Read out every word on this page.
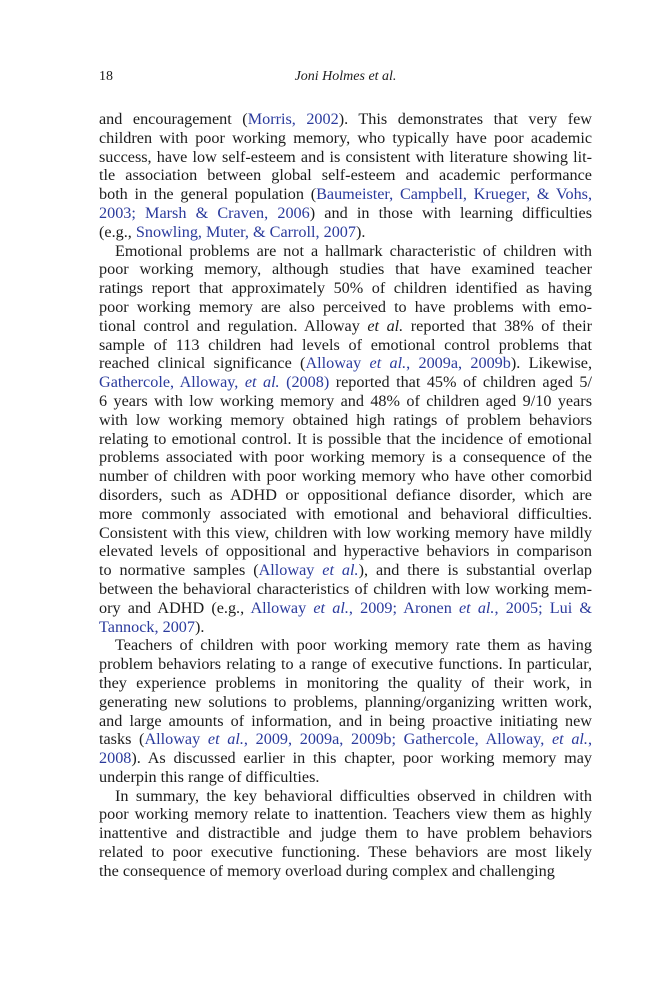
18	Joni Holmes et al.
and encouragement (Morris, 2002). This demonstrates that very few
children with poor working memory, who typically have poor academic
success, have low self-esteem and is consistent with literature showing lit-
tle association between global self-esteem and academic performance
both in the general population (Baumeister, Campbell, Krueger, & Vohs,
2003; Marsh & Craven, 2006) and in those with learning difficulties
(e.g., Snowling, Muter, & Carroll, 2007).
Emotional problems are not a hallmark characteristic of children with
poor working memory, although studies that have examined teacher
ratings report that approximately 50% of children identified as having
poor working memory are also perceived to have problems with emo-
tional control and regulation. Alloway et al. reported that 38% of their
sample of 113 children had levels of emotional control problems that
reached clinical significance (Alloway et al., 2009a, 2009b). Likewise,
Gathercole, Alloway, et al. (2008) reported that 45% of children aged 5/
6 years with low working memory and 48% of children aged 9/10 years
with low working memory obtained high ratings of problem behaviors
relating to emotional control. It is possible that the incidence of emotional
problems associated with poor working memory is a consequence of the
number of children with poor working memory who have other comorbid
disorders, such as ADHD or oppositional defiance disorder, which are
more commonly associated with emotional and behavioral difficulties.
Consistent with this view, children with low working memory have mildly
elevated levels of oppositional and hyperactive behaviors in comparison
to normative samples (Alloway et al.), and there is substantial overlap
between the behavioral characteristics of children with low working mem-
ory and ADHD (e.g., Alloway et al., 2009; Aronen et al., 2005; Lui &
Tannock, 2007).
Teachers of children with poor working memory rate them as having
problem behaviors relating to a range of executive functions. In particular,
they experience problems in monitoring the quality of their work, in
generating new solutions to problems, planning/organizing written work,
and large amounts of information, and in being proactive initiating new
tasks (Alloway et al., 2009, 2009a, 2009b; Gathercole, Alloway, et al.,
2008). As discussed earlier in this chapter, poor working memory may
underpin this range of difficulties.
In summary, the key behavioral difficulties observed in children with
poor working memory relate to inattention. Teachers view them as highly
inattentive and distractible and judge them to have problem behaviors
related to poor executive functioning. These behaviors are most likely
the consequence of memory overload during complex and challenging
